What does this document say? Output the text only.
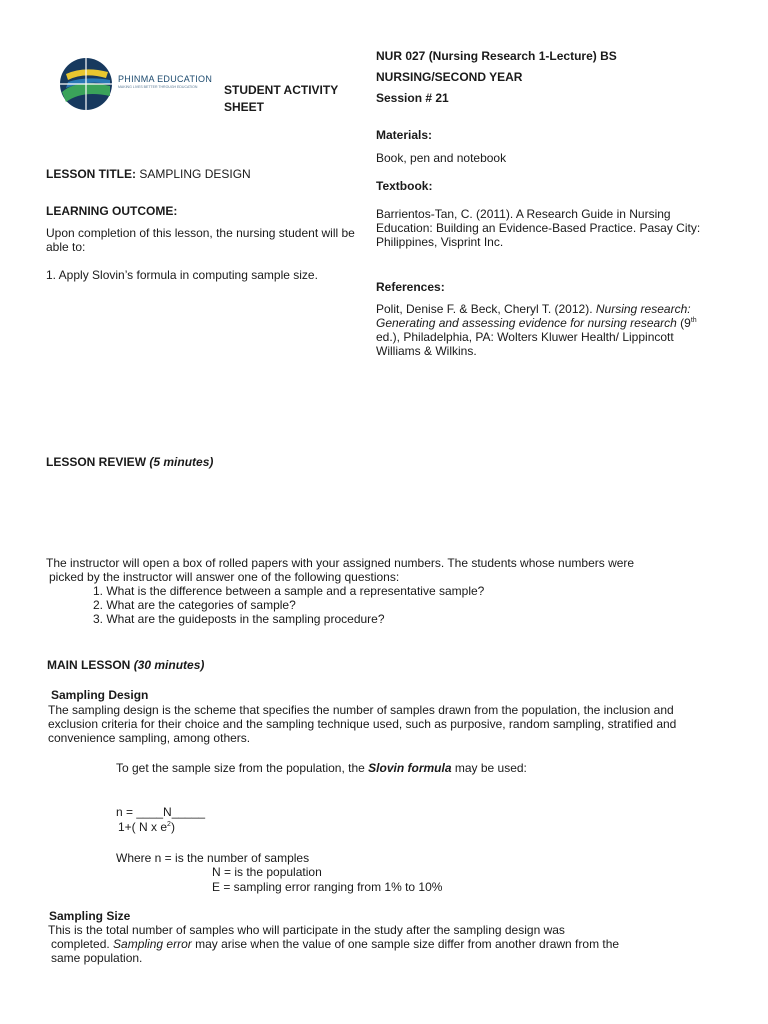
PHINMA EDUCATION
MAKING LIVES BETTER THROUGH EDUCATION STUDENT ACTIVITY SHEET
NUR 027 (Nursing Research 1-Lecture) BS
NURSING/SECOND YEAR
Session # 21
Materials:
Book, pen and notebook
Textbook:
Barrientos-Tan, C. (2011). A Research Guide in Nursing Education: Building an Evidence-Based Practice. Pasay City: Philippines, Visprint Inc.
References:
Polit, Denise F. & Beck, Cheryl T. (2012). Nursing research: Generating and assessing evidence for nursing research (9th ed.), Philadelphia, PA: Wolters Kluwer Health/ Lippincott Williams & Wilkins.
LESSON TITLE: SAMPLING DESIGN
LEARNING OUTCOME:
Upon completion of this lesson, the nursing student will be able to:
1. Apply Slovin’s formula in computing sample size.
LESSON REVIEW (5 minutes)
The instructor will open a box of rolled papers with your assigned numbers. The students whose numbers were
picked by the instructor will answer one of the following questions:
1. What is the difference between a sample and a representative sample?
2. What are the categories of sample?
3. What are the guideposts in the sampling procedure?
MAIN LESSON (30 minutes)
Sampling Design
The sampling design is the scheme that specifies the number of samples drawn from the population, the inclusion and exclusion criteria for their choice and the sampling technique used, such as purposive, random sampling, stratified and convenience sampling, among others.
To get the sample size from the population, the Slovin formula may be used:
n = ____N_____
1+( N x $e^2$)
Where n = is the number of samples
N = is the population
E = sampling error ranging from 1% to 10%
Sampling Size
This is the total number of samples who will participate in the study after the sampling design was
completed. Sampling error may arise when the value of one sample size differ from another drawn from the
same population.
